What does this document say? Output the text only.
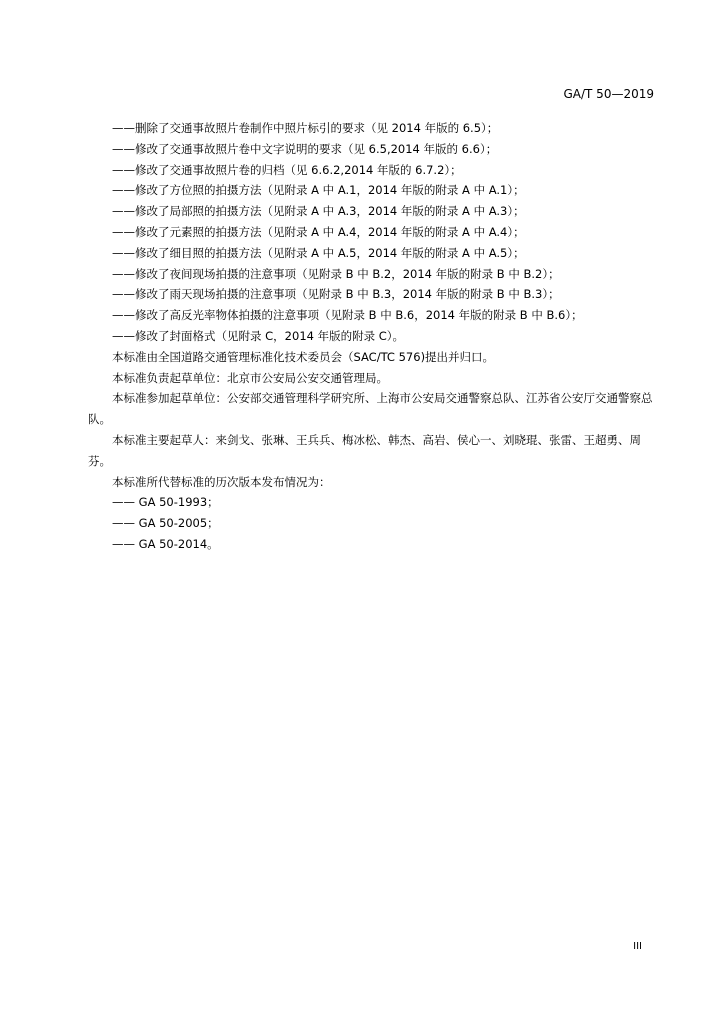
GA/T 50—2019

——删除了交通事故照片卷制作中照片标引的要求（见 2014 年版的 6.5）；

——修改了交通事故照片卷中文字说明的要求（见 6.5,2014 年版的 6.6）；

——修改了交通事故照片卷的归档（见 6.6.2,2014 年版的 6.7.2）；

——修改了方位照的拍摄方法（见附录 A 中 A.1，2014 年版的附录 A 中 A.1）；

——修改了局部照的拍摄方法（见附录 A 中 A.3，2014 年版的附录 A 中 A.3）；

——修改了元素照的拍摄方法（见附录 A 中 A.4，2014 年版的附录 A 中 A.4）；

——修改了细目照的拍摄方法（见附录 A 中 A.5，2014 年版的附录 A 中 A.5）；

——修改了夜间现场拍摄的注意事项（见附录 B 中 B.2，2014 年版的附录 B 中 B.2）；

——修改了雨天现场拍摄的注意事项（见附录 B 中 B.3，2014 年版的附录 B 中 B.3）；

——修改了高反光率物体拍摄的注意事项（见附录 B 中 B.6，2014 年版的附录 B 中 B.6）；

——修改了封面格式（见附录 C，2014 年版的附录 C）。

本标准由全国道路交通管理标准化技术委员会（SAC/TC 576)提出并归口。

本标准负责起草单位：北京市公安局公安交通管理局。

本标准参加起草单位：公安部交通管理科学研究所、上海市公安局交通警察总队、江苏省公安厅交通警察总队。

本标准主要起草人：来剑戈、张琳、王兵兵、梅冰松、韩杰、高岩、侯心一、刘晓琨、张雷、王超勇、周芬。

本标准所代替标准的历次版本发布情况为：

—— GA 50-1993；

—— GA 50-2005；

—— GA 50-2014。

III
